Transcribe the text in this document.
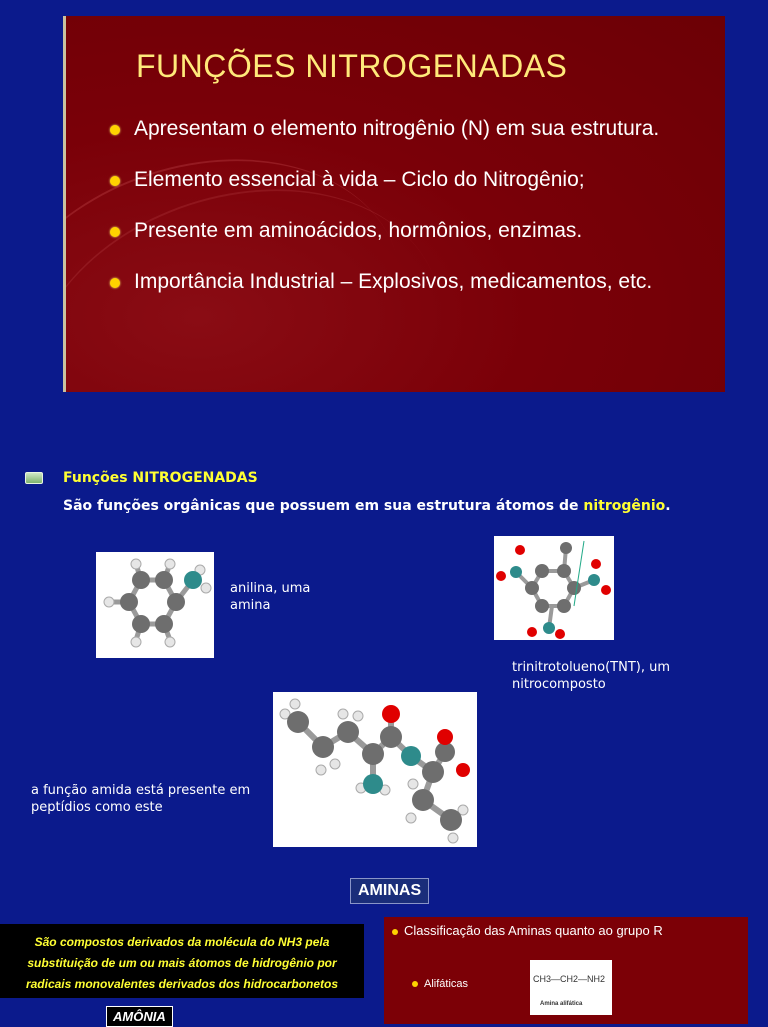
FUNÇÕES NITROGENADAS
Apresentam o elemento nitrogênio (N) em sua estrutura.
Elemento essencial à vida – Ciclo do Nitrogênio;
Presente em aminoácidos, hormônios, enzimas.
Importância Industrial – Explosivos, medicamentos, etc.
Funções NITROGENADAS
São funções orgânicas que possuem em sua estrutura átomos de nitrogênio.
anilina, uma amina
trinitrotolueno(TNT), um nitrocomposto
a função amida está presente em peptídios como este
AMINAS
São compostos derivados da molécula do NH3 pela substituição de um ou mais átomos de hidrogênio por radicais monovalentes derivados dos hidrocarbonetos
AMÔNIA
Classificação das Aminas quanto ao grupo R
Alifáticas	CH3—CH2—NH2
Amina alifática
